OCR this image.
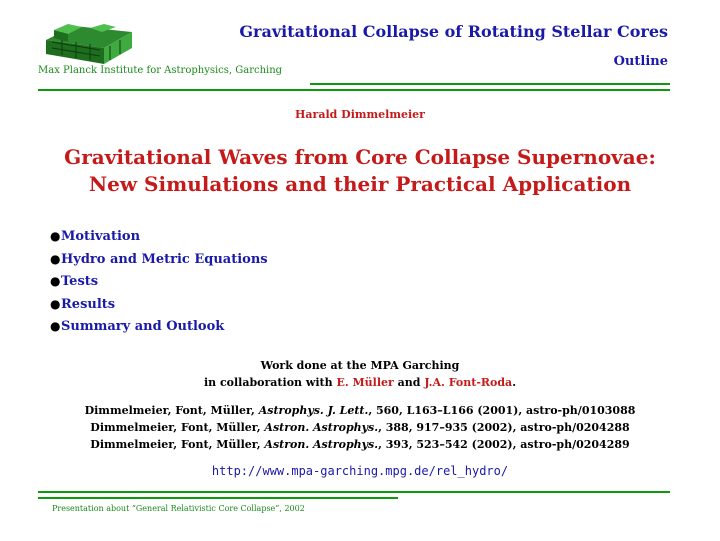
Gravitational Collapse of Rotating Stellar Cores
Outline
Max Planck Institute for Astrophysics, Garching
Harald Dimmelmeier
Gravitational Waves from Core Collapse Supernovae:
New Simulations and their Practical Application
●Motivation
●Hydro and Metric Equations
●Tests
●Results
●Summary and Outlook
Work done at the MPA Garching
in collaboration with E. Müller and J.A. Font-Roda.
Dimmelmeier, Font, Müller, Astrophys. J. Lett., 560, L163–L166 (2001), astro-ph/0103088
Dimmelmeier, Font, Müller, Astron. Astrophys., 388, 917–935 (2002), astro-ph/0204288
Dimmelmeier, Font, Müller, Astron. Astrophys., 393, 523–542 (2002), astro-ph/0204289
http://www.mpa-garching.mpg.de/rel_hydro/
Presentation about “General Relativistic Core Collapse”, 2002
